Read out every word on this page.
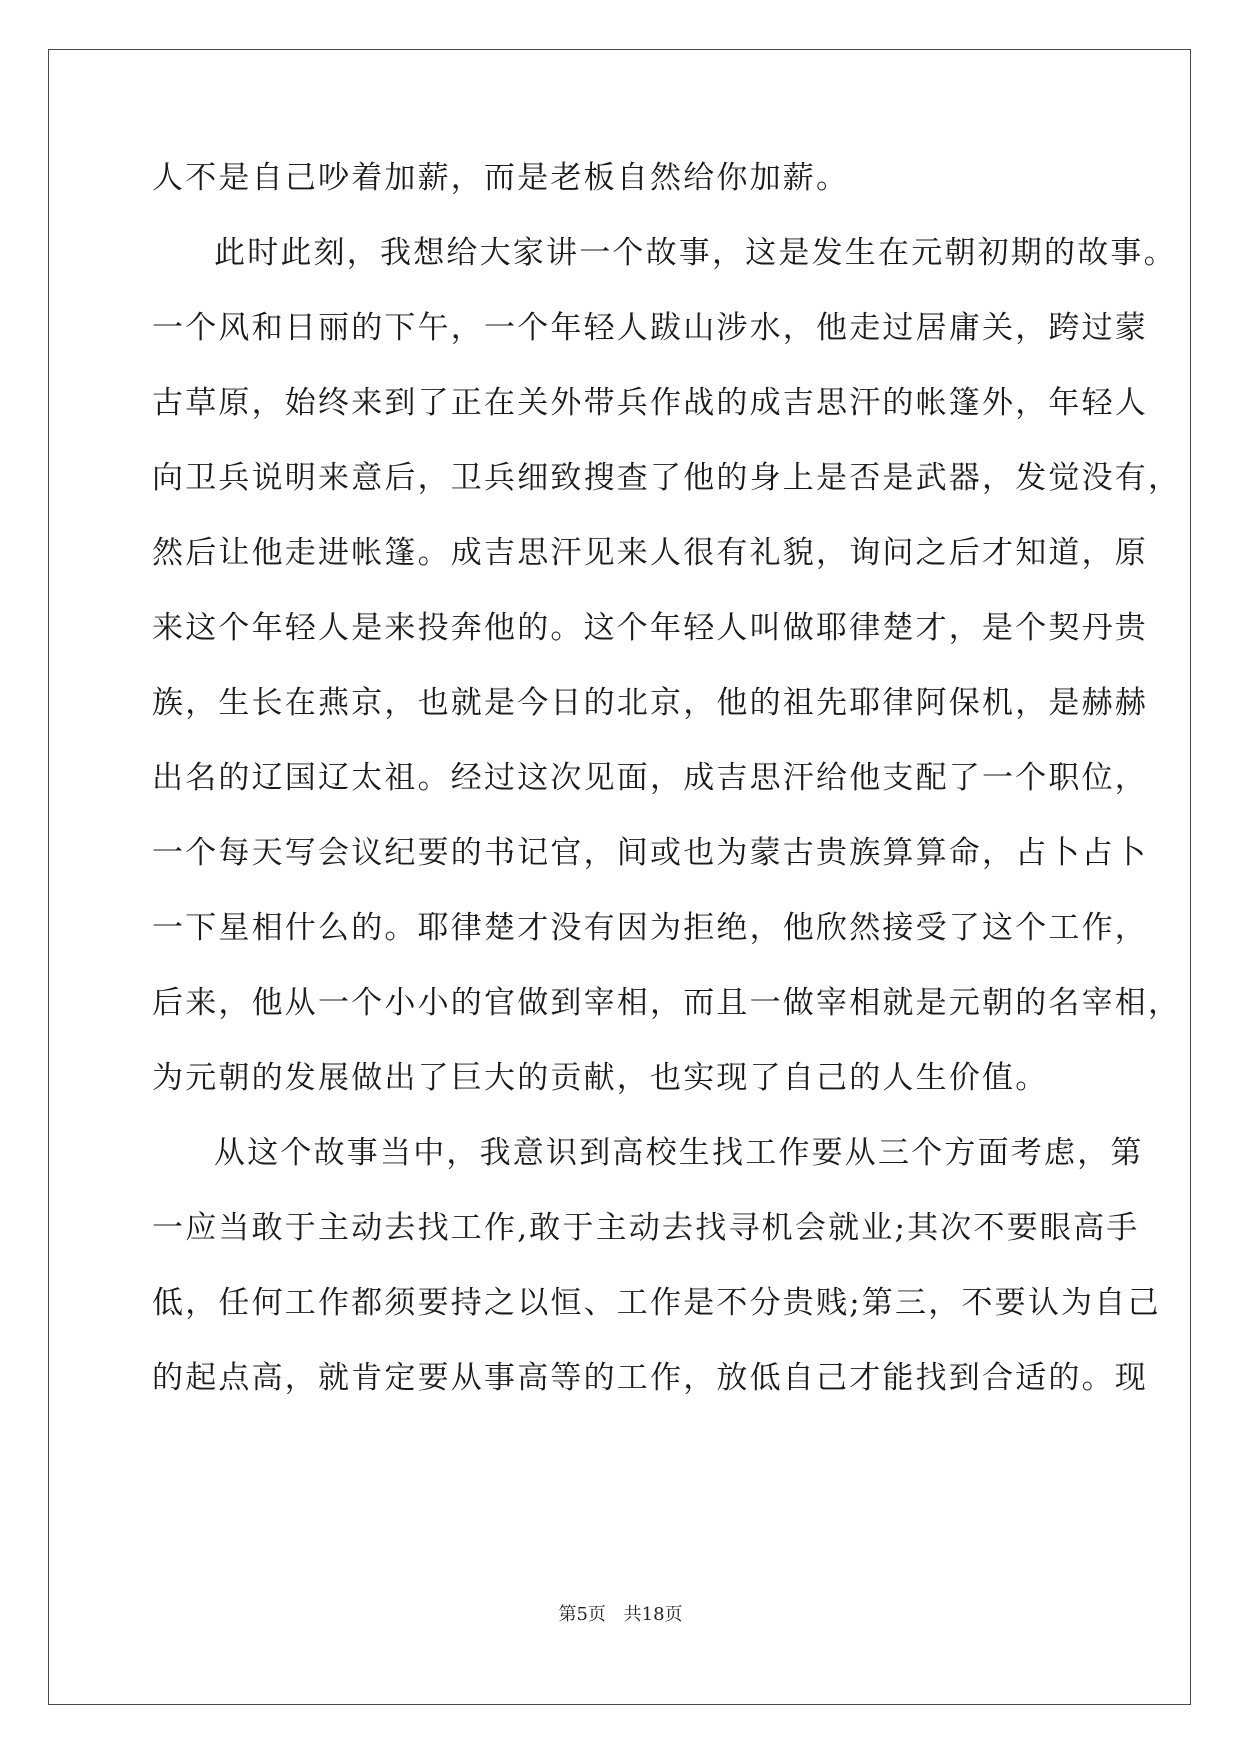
人不是自己吵着加薪，而是老板自然给你加薪。
此时此刻，我想给大家讲一个故事，这是发生在元朝初期的故事。
一个风和日丽的下午，一个年轻人跋山涉水，他走过居庸关，跨过蒙
古草原，始终来到了正在关外带兵作战的成吉思汗的帐篷外，年轻人
向卫兵说明来意后，卫兵细致搜查了他的身上是否是武器，发觉没有，
然后让他走进帐篷。成吉思汗见来人很有礼貌，询问之后才知道，原
来这个年轻人是来投奔他的。这个年轻人叫做耶律楚才，是个契丹贵
族，生长在燕京，也就是今日的北京，他的祖先耶律阿保机，是赫赫
出名的辽国辽太祖。经过这次见面，成吉思汗给他支配了一个职位，
一个每天写会议纪要的书记官，间或也为蒙古贵族算算命，占卜占卜
一下星相什么的。耶律楚才没有因为拒绝，他欣然接受了这个工作，
后来，他从一个小小的官做到宰相，而且一做宰相就是元朝的名宰相，
为元朝的发展做出了巨大的贡献，也实现了自己的人生价值。
从这个故事当中，我意识到高校生找工作要从三个方面考虑，第
一应当敢于主动去找工作,敢于主动去找寻机会就业;其次不要眼高手
低，任何工作都须要持之以恒、工作是不分贵贱;第三，不要认为自己
的起点高，就肯定要从事高等的工作，放低自己才能找到合适的。现
第5页 共18页
